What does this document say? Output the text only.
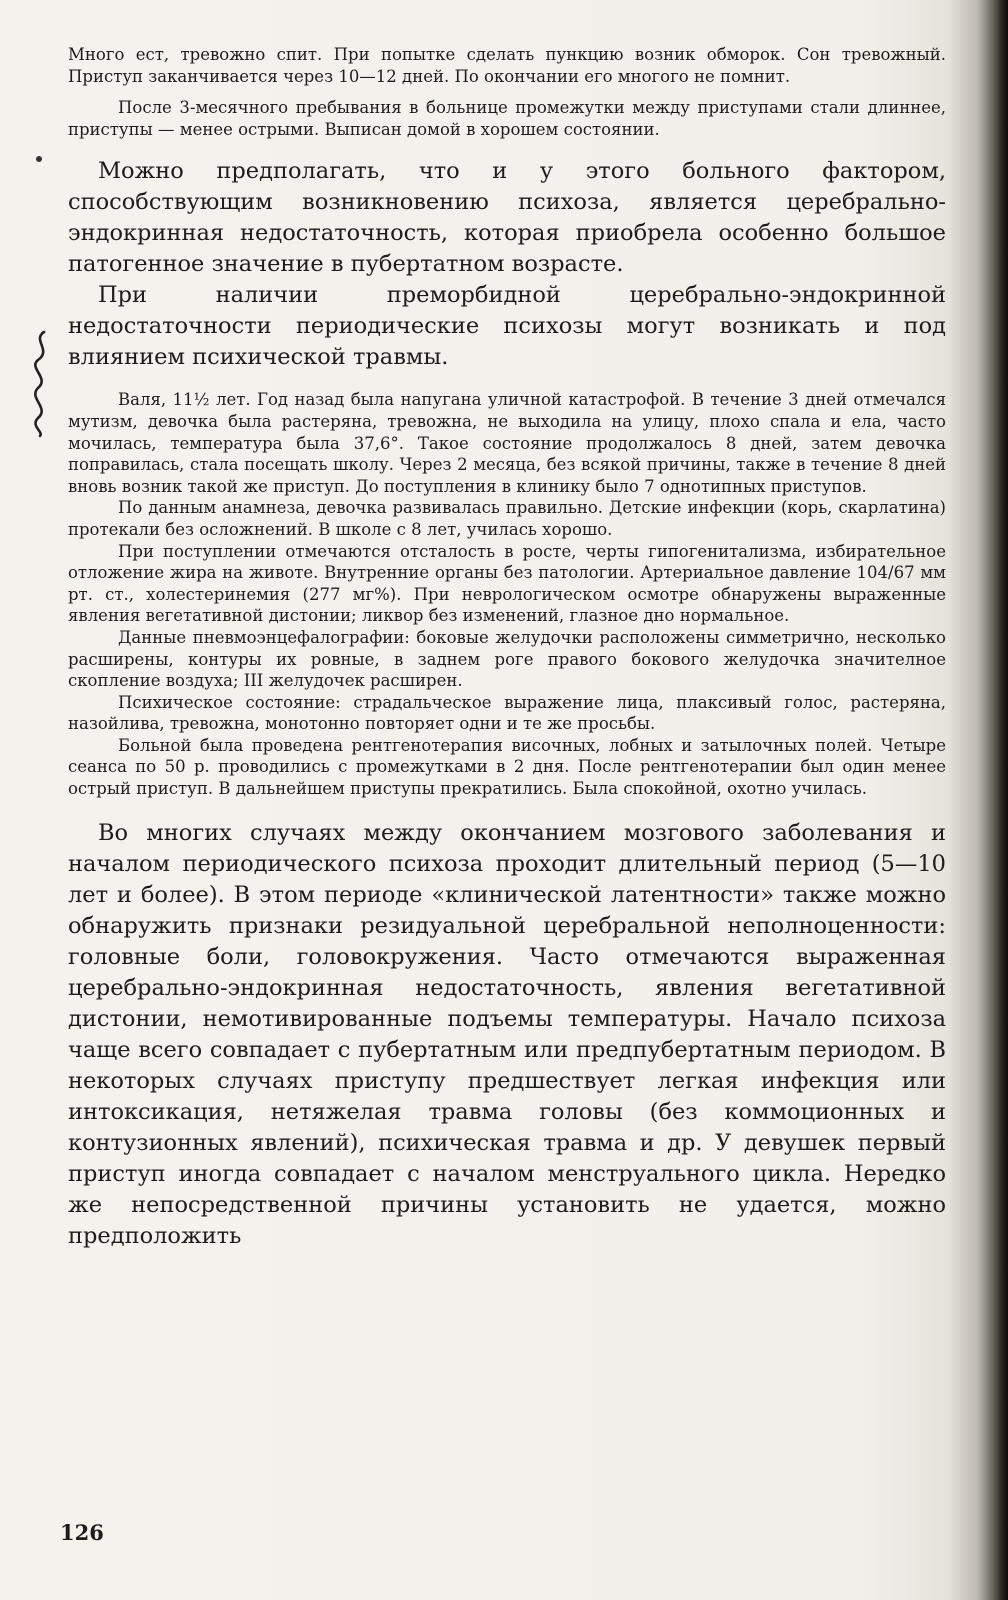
Много ест, тревожно спит. При попытке сделать пункцию возник обморок. Сон тревожный. Приступ заканчивается через 10—12 дней. По окончании его многого не помнит.

После 3-месячного пребывания в больнице промежутки между приступами стали длиннее, приступы — менее острыми. Выписан домой в хорошем состоянии.

Можно предполагать, что и у этого больного фактором, способствующим возникновению психоза, является церебрально-эндокринная недостаточность, которая приобрела особенно большое патогенное значение в пубертатном возрасте.

При наличии преморбидной церебрально-эндокринной недостаточности периодические психозы могут возникать и под влиянием психической травмы.

Валя, 11½ лет. Год назад была напугана уличной катастрофой. В течение 3 дней отмечался мутизм, девочка была растеряна, тревожна, не выходила на улицу, плохо спала и ела, часто мочилась, температура была 37,6°. Такое состояние продолжалось 8 дней, затем девочка поправилась, стала посещать школу. Через 2 месяца, без всякой причины, также в течение 8 дней вновь возник такой же приступ. До поступления в клинику было 7 однотипных приступов.

По данным анамнеза, девочка развивалась правильно. Детские инфекции (корь, скарлатина) протекали без осложнений. В школе с 8 лет, училась хорошо.

При поступлении отмечаются отсталость в росте, черты гипогенитализма, избирательное отложение жира на животе. Внутренние органы без патологии. Артериальное давление 104/67 мм рт. ст., холестеринемия (277 мг%). При неврологическом осмотре обнаружены выраженные явления вегетативной дистонии; ликвор без изменений, глазное дно нормальное.

Данные пневмоэнцефалографии: боковые желудочки расположены симметрично, несколько расширены, контуры их ровные, в заднем роге правого бокового желудочка значителное скопление воздуха; III желудочек расширен.

Психическое состояние: страдальческое выражение лица, плаксивый голос, растеряна, назойлива, тревожна, монотонно повторяет одни и те же просьбы.

Больной была проведена рентгенотерапия височных, лобных и затылочных полей. Четыре сеанса по 50 р. проводились с промежутками в 2 дня. После рентгенотерапии был один менее острый приступ. В дальнейшем приступы прекратились. Была спокойной, охотно училась.

Во многих случаях между окончанием мозгового заболевания и началом периодического психоза проходит длительный период (5—10 лет и более). В этом периоде «клинической латентности» также можно обнаружить признаки резидуальной церебральной неполноценности: головные боли, головокружения. Часто отмечаются выраженная церебрально-эндокринная недостаточность, явления вегетативной дистонии, немотивированные подъемы температуры. Начало психоза чаще всего совпадает с пубертатным или предпубертатным периодом. В некоторых случаях приступу предшествует легкая инфекция или интоксикация, нетяжелая травма головы (без коммоционных и контузионных явлений), психическая травма и др. У девушек первый приступ иногда совпадает с началом менструального цикла. Нередко же непосредственной причины установить не удается, можно предположить

126
